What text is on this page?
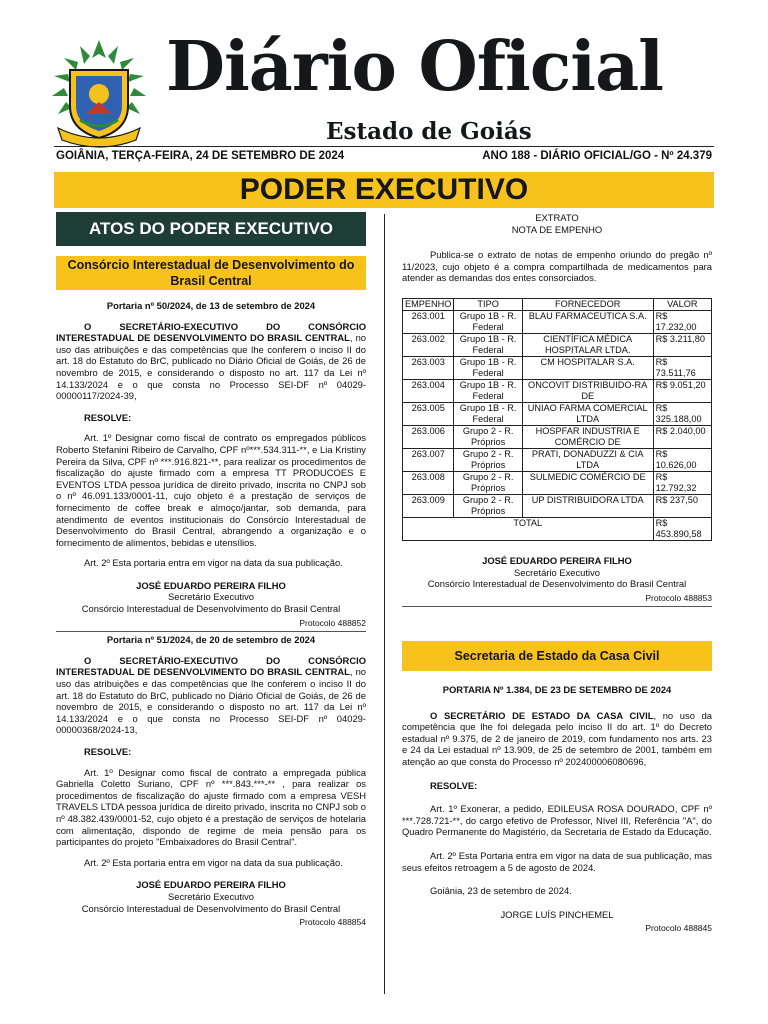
Diário Oficial
Estado de Goiás
GOIÂNIA, TERÇA-FEIRA, 24 DE SETEMBRO DE 2024	ANO 188 - DIÁRIO OFICIAL/GO - Nº 24.379
PODER EXECUTIVO
ATOS DO PODER EXECUTIVO
Consórcio Interestadual de Desenvolvimento do Brasil Central
Portaria nº 50/2024, de 13 de setembro de 2024

O SECRETÁRIO-EXECUTIVO DO CONSÓRCIO INTERESTADUAL DE DESENVOLVIMENTO DO BRASIL CENTRAL, no uso das atribuições e das competências que lhe conferem o inciso II do art. 18 do Estatuto do BrC, publicado no Diário Oficial de Goiás, de 26 de novembro de 2015, e considerando o disposto no art. 117 da Lei nº 14.133/2024 e o que consta no Processo SEI-DF nº 04029-00000117/2024-39,

RESOLVE:

Art. 1º Designar como fiscal de contrato os empregados públicos Roberto Stefanini Ribeiro de Carvalho, CPF nº***.534.311-**, e Lia Kristiny Pereira da Silva, CPF nº ***.916.821-**, para realizar os procedimentos de fiscalização do ajuste firmado com a empresa TT PRODUCOES E EVENTOS LTDA pessoa jurídica de direito privado, inscrita no CNPJ sob o nº 46.091.133/0001-11, cujo objeto é a prestação de serviços de fornecimento de coffee break e almoço/jantar, sob demanda, para atendimento de eventos institucionais do Consórcio Interestadual de Desenvolvimento do Brasil Central, abrangendo a organização e o fornecimento de alimentos, bebidas e utensílios.

Art. 2º Esta portaria entra em vigor na data da sua publicação.

JOSÉ EDUARDO PEREIRA FILHO
Secretário Executivo
Consórcio Interestadual de Desenvolvimento do Brasil Central
Protocolo 488852
Portaria nº 51/2024, de 20 de setembro de 2024

O SECRETÁRIO-EXECUTIVO DO CONSÓRCIO INTERESTADUAL DE DESENVOLVIMENTO DO BRASIL CENTRAL, no uso das atribuições e das competências que lhe conferem o inciso II do art. 18 do Estatuto do BrC, publicado no Diário Oficial de Goiás, de 26 de novembro de 2015, e considerando o disposto no art. 117 da Lei nº 14.133/2024 e o que consta no Processo SEI-DF nº 04029-00000368/2024-13,

RESOLVE:

Art. 1º Designar como fiscal de contrato a empregada pública Gabriella Coletto Suriano, CPF nº ***.843.***-** , para realizar os procedimentos de fiscalização do ajuste firmado com a empresa VESH TRAVELS LTDA pessoa jurídica de direito privado, inscrita no CNPJ sob o nº 48.382.439/0001-52, cujo objeto é a prestação de serviços de hotelaria com alimentação, dispondo de regime de meia pensão para os participantes do projeto "Embaixadores do Brasil Central".

Art. 2º Esta portaria entra em vigor na data da sua publicação.

JOSÉ EDUARDO PEREIRA FILHO
Secretário Executivo
Consórcio Interestadual de Desenvolvimento do Brasil Central
Protocolo 488854
EXTRATO
NOTA DE EMPENHO

Publica-se o extrato de notas de empenho oriundo do pregão nº 11/2023, cujo objeto é a compra compartilhada de medicamentos para atender as demandas dos entes consorciados.

EMPENHO	TIPO	FORNECEDOR	VALOR
263.001	Grupo 1B - R. Federal	BLAU FARMACEUTICA S.A.	R$ 17.232,00
263.002	Grupo 1B - R. Federal	CIENTÍFICA MÉDICA HOSPITALAR LTDA.	R$ 3.211,80
263.003	Grupo 1B - R. Federal	CM HOSPITALAR S.A.	R$ 73.511,76
263.004	Grupo 1B - R. Federal	ONCOVIT DISTRIBUIDO-RA DE	R$ 9.051,20
263.005	Grupo 1B - R. Federal	UNIAO FARMA COMERCIAL LTDA	R$ 325.188,00
263.006	Grupo 2 - R. Próprios	HOSPFAR INDUSTRIA E COMÉRCIO DE	R$ 2.040,00
263.007	Grupo 2 - R. Próprios	PRATI, DONADUZZI & CIA LTDA	R$ 10.626,00
263.008	Grupo 2 - R. Próprios	SULMEDIC COMÉRCIO DE	R$ 12.792,32
263.009	Grupo 2 - R. Próprios	UP DISTRIBUIDORA LTDA	R$ 237,50
TOTAL			R$ 453.890,58
JOSÉ EDUARDO PEREIRA FILHO
Secretário Executivo
Consórcio Interestadual de Desenvolvimento do Brasil Central
Protocolo 488853
Secretaria de Estado da Casa Civil
PORTARIA Nº 1.384, DE 23 DE SETEMBRO DE 2024

O SECRETÁRIO DE ESTADO DA CASA CIVIL, no uso da competência que lhe foi delegada pelo inciso II do art. 1º do Decreto estadual nº 9.375, de 2 de janeiro de 2019, com fundamento nos arts. 23 e 24 da Lei estadual nº 13.909, de 25 de setembro de 2001, também em atenção ao que consta do Processo nº 202400006080696,

RESOLVE:

Art. 1º Exonerar, a pedido, EDILEUSA ROSA DOURADO, CPF nº ***.728.721-**, do cargo efetivo de Professor, Nível III, Referência "A", do Quadro Permanente do Magistério, da Secretaria de Estado da Educação.

Art. 2º Esta Portaria entra em vigor na data de sua publicação, mas seus efeitos retroagem a 5 de agosto de 2024.

Goiânia, 23 de setembro de 2024.

JORGE LUÍS PINCHEMEL
Protocolo 488845
